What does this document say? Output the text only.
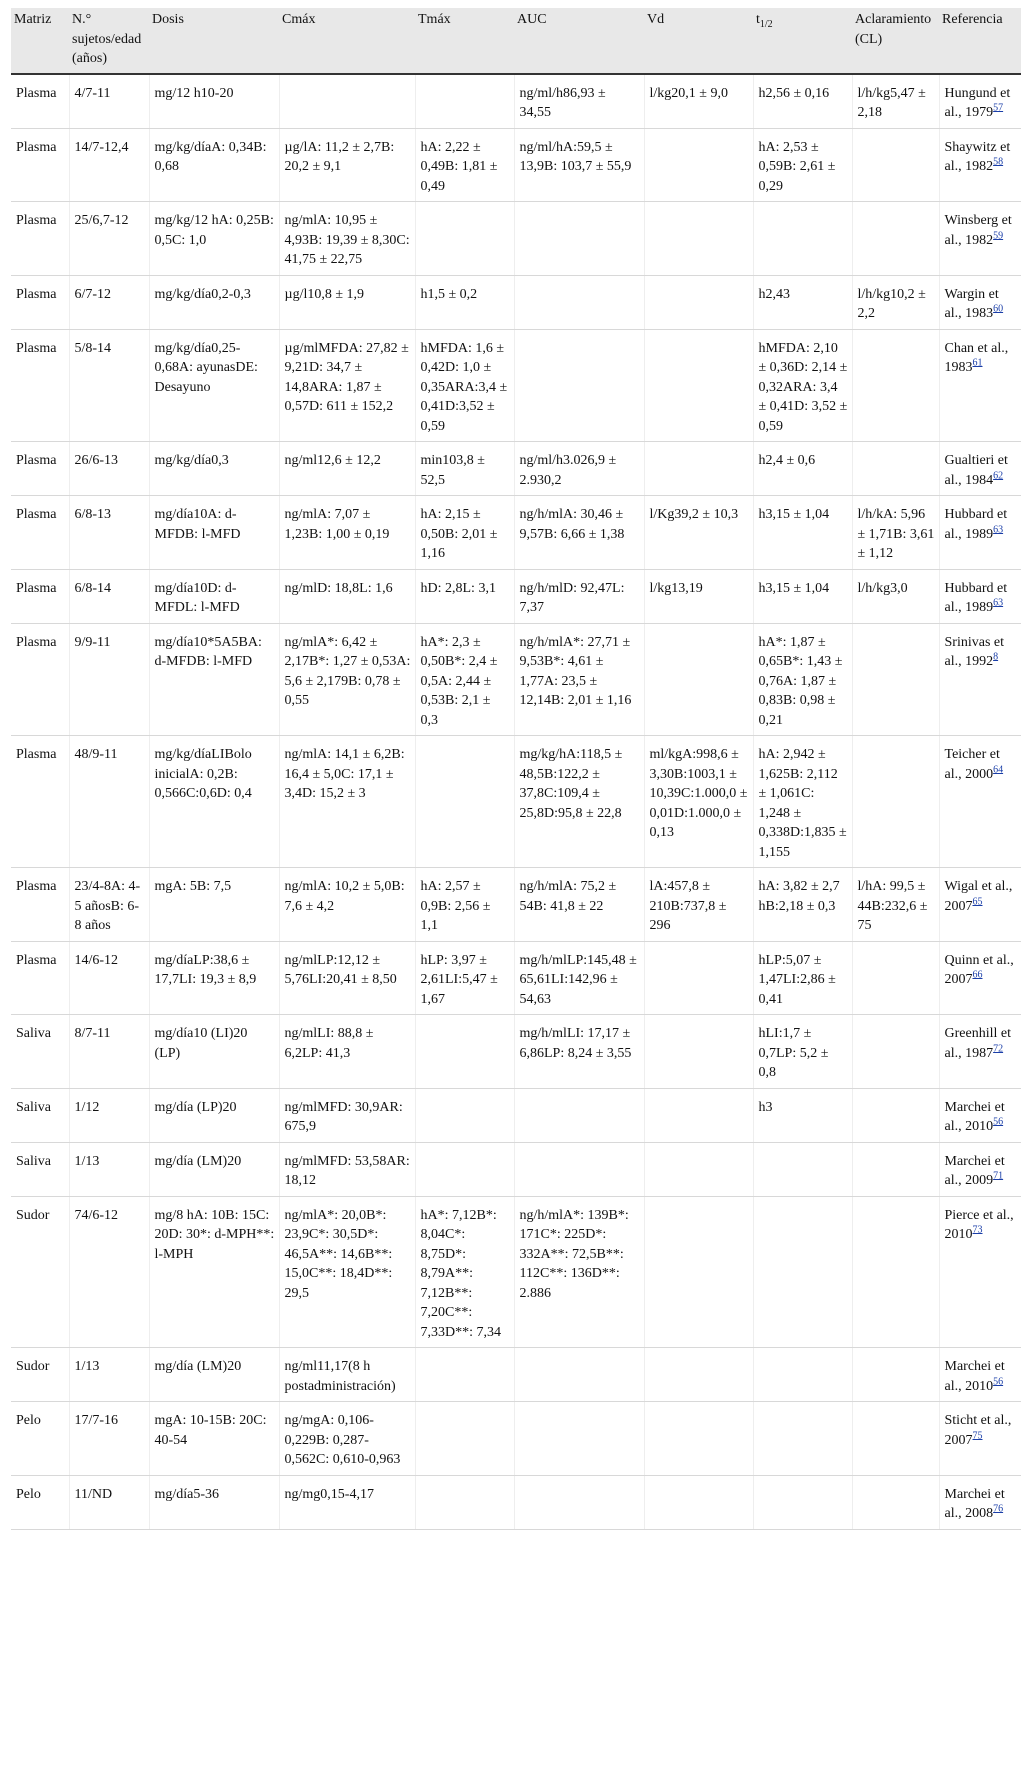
Matriz	N.° sujetos/edad (años)	Dosis	Cmáx	Tmáx	AUC	Vd	$t_{1/2}$	Aclaramiento (CL)	Referencia
Plasma	4/7-11	mg/12 h10-20			ng/ml/h86,93 ± 34,55	l/kg20,1 ± 9,0	h2,56 ± 0,16	l/h/kg5,47 ± 2,18	Hungund et al., 1979$^{57}$
Plasma	14/7-12,4	mg/kg/díaA: 0,34B: 0,68	µg/lA: 11,2 ± 2,7B: 20,2 ± 9,1	hA: 2,22 ± 0,49B: 1,81 ± 0,49	ng/ml/hA:59,5 ± 13,9B: 103,7 ± 55,9		hA: 2,53 ± 0,59B: 2,61 ± 0,29		Shaywitz et al., 1982$^{58}$
Plasma	25/6,7-12	mg/kg/12 hA: 0,25B: 0,5C: 1,0	ng/mlA: 10,95 ± 4,93B: 19,39 ± 8,30C: 41,75 ± 22,75						Winsberg et al., 1982$^{59}$
Plasma	6/7-12	mg/kg/día0,2-0,3	µg/l10,8 ± 1,9	h1,5 ± 0,2			h2,43	l/h/kg10,2 ± 2,2	Wargin et al., 1983$^{60}$
Plasma	5/8-14	mg/kg/día0,25-0,68A: ayunasDE: Desayuno	µg/mlMFDA: 27,82 ± 9,21D: 34,7 ± 14,8ARA: 1,87 ± 0,57D: 611 ± 152,2	hMFDA: 1,6 ± 0,42D: 1,0 ± 0,35ARA:3,4 ± 0,41D:3,52 ± 0,59			hMFDA: 2,10 ± 0,36D: 2,14 ± 0,32ARA: 3,4 ± 0,41D: 3,52 ± 0,59		Chan et al., 1983$^{61}$
Plasma	26/6-13	mg/kg/día0,3	ng/ml12,6 ± 12,2	min103,8 ± 52,5	ng/ml/h3.026,9 ± 2.930,2		h2,4 ± 0,6		Gualtieri et al., 1984$^{62}$
Plasma	6/8-13	mg/día10A: d-MFDB: l-MFD	ng/mlA: 7,07 ± 1,23B: 1,00 ± 0,19	hA: 2,15 ± 0,50B: 2,01 ± 1,16	ng/h/mlA: 30,46 ± 9,57B: 6,66 ± 1,38	l/Kg39,2 ± 10,3	h3,15 ± 1,04	l/h/kA: 5,96 ± 1,71B: 3,61 ± 1,12	Hubbard et al., 1989$^{63}$
Plasma	6/8-14	mg/día10D: d-MFDL: l-MFD	ng/mlD: 18,8L: 1,6	hD: 2,8L: 3,1	ng/h/mlD: 92,47L: 7,37	l/kg13,19	h3,15 ± 1,04	l/h/kg3,0	Hubbard et al., 1989$^{63}$
Plasma	9/9-11	mg/día10*5A5BA: d-MFDB: l-MFD	ng/mlA*: 6,42 ± 2,17B*: 1,27 ± 0,53A: 5,6 ± 2,179B: 0,78 ± 0,55	hA*: 2,3 ± 0,50B*: 2,4 ± 0,5A: 2,44 ± 0,53B: 2,1 ± 0,3	ng/h/mlA*: 27,71 ± 9,53B*: 4,61 ± 1,77A: 23,5 ± 12,14B: 2,01 ± 1,16		hA*: 1,87 ± 0,65B*: 1,43 ± 0,76A: 1,87 ± 0,83B: 0,98 ± 0,21		Srinivas et al., 1992$^8$
Plasma	48/9-11	mg/kg/díaLIBolo inicialA: 0,2B: 0,566C:0,6D: 0,4	ng/mlA: 14,1 ± 6,2B: 16,4 ± 5,0C: 17,1 ± 3,4D: 15,2 ± 3		mg/kg/hA:118,5 ± 48,5B:122,2 ± 37,8C:109,4 ± 25,8D:95,8 ± 22,8	ml/kgA:998,6 ± 3,30B:1003,1 ± 10,39C:1.000,0 ± 0,01D:1.000,0 ± 0,13	hA: 2,942 ± 1,625B: 2,112 ± 1,061C: 1,248 ± 0,338D:1,835 ± 1,155		Teicher et al., 2000$^{64}$
Plasma	23/4-8A: 4-5 añosB: 6-8 años	mgA: 5B: 7,5	ng/mlA: 10,2 ± 5,0B: 7,6 ± 4,2	hA: 2,57 ± 0,9B: 2,56 ± 1,1	ng/h/mlA: 75,2 ± 54B: 41,8 ± 22	lA:457,8 ± 210B:737,8 ± 296	hA: 3,82 ± 2,7 hB:2,18 ± 0,3	l/hA: 99,5 ± 44B:232,6 ± 75	Wigal et al., 2007$^{65}$
Plasma	14/6-12	mg/díaLP:38,6 ± 17,7LI: 19,3 ± 8,9	ng/mlLP:12,12 ± 5,76LI:20,41 ± 8,50	hLP: 3,97 ± 2,61LI:5,47 ± 1,67	mg/h/mlLP:145,48 ± 65,61LI:142,96 ± 54,63		hLP:5,07 ± 1,47LI:2,86 ± 0,41		Quinn et al., 2007$^{66}$
Saliva	8/7-11	mg/día10 (LI)20 (LP)	ng/mlLI: 88,8 ± 6,2LP: 41,3		mg/h/mlLI: 17,17 ± 6,86LP: 8,24 ± 3,55		hLI:1,7 ± 0,7LP: 5,2 ± 0,8		Greenhill et al., 1987$^{72}$
Saliva	1/12	mg/día (LP)20	ng/mlMFD: 30,9AR: 675,9				h3		Marchei et al., 2010$^{56}$
Saliva	1/13	mg/día (LM)20	ng/mlMFD: 53,58AR: 18,12						Marchei et al., 2009$^{71}$
Sudor	74/6-12	mg/8 hA: 10B: 15C: 20D: 30*: d-MPH**: l-MPH	ng/mlA*: 20,0B*: 23,9C*: 30,5D*: 46,5A**: 14,6B**: 15,0C**: 18,4D**: 29,5	hA*: 7,12B*: 8,04C*: 8,75D*: 8,79A**: 7,12B**: 7,20C**: 7,33D**: 7,34	ng/h/mlA*: 139B*: 171C*: 225D*: 332A**: 72,5B**: 112C**: 136D**: 2.886				Pierce et al., 2010$^{73}$
Sudor	1/13	mg/día (LM)20	ng/ml11,17(8 h postadministración)						Marchei et al., 2010$^{56}$
Pelo	17/7-16	mgA: 10-15B: 20C: 40-54	ng/mgA: 0,106-0,229B: 0,287-0,562C: 0,610-0,963						Sticht et al., 2007$^{75}$
Pelo	11/ND	mg/día5-36	ng/mg0,15-4,17						Marchei et al., 2008$^{76}$
